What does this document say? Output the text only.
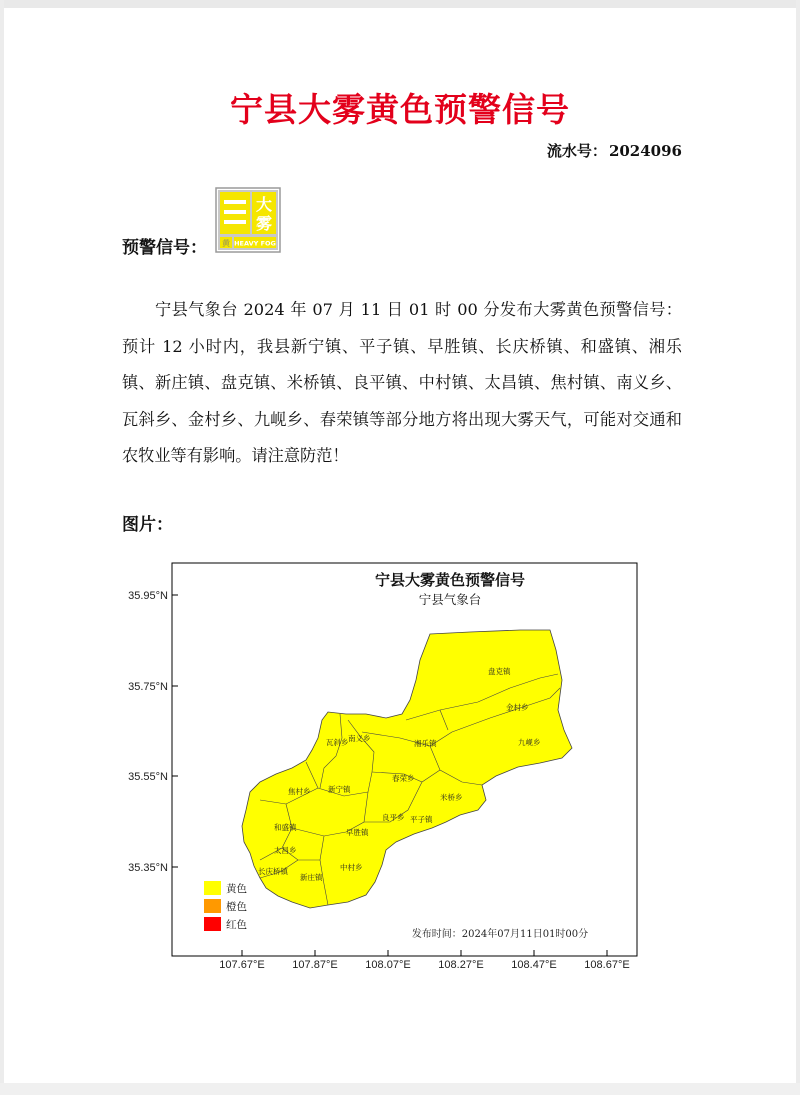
宁县大雾黄色预警信号
流水号： 2024096
预警信号：
大
雾
黄 HEAVY FOG
宁县气象台 2024 年 07 月 11 日 01 时 00 分发布大雾黄色预警信号：预计 12 小时内，我县新宁镇、平子镇、早胜镇、长庆桥镇、和盛镇、湘乐镇、新庄镇、盘克镇、米桥镇、良平镇、中村镇、太昌镇、焦村镇、南义乡、瓦斜乡、金村乡、九岘乡、春荣镇等部分地方将出现大雾天气，可能对交通和农牧业等有影响。请注意防范！
图片：
35.95°N
35.75°N
35.55°N
35.35°N
107.67°E	107.87°E	108.07°E	108.27°E	108.47°E	108.67°E
宁县大雾黄色预警信号
宁县气象台
盘克镇
金村乡
九岘乡
湘乐镇
瓦斜乡 南义乡
春荣乡
焦村乡 新宁镇
米桥乡
良平乡 平子镇
早胜镇
和盛镇
太昌乡
中村乡
长庆桥镇
新庄镇
黄色
橙色
红色
发布时间：2024年07月11日01时00分
